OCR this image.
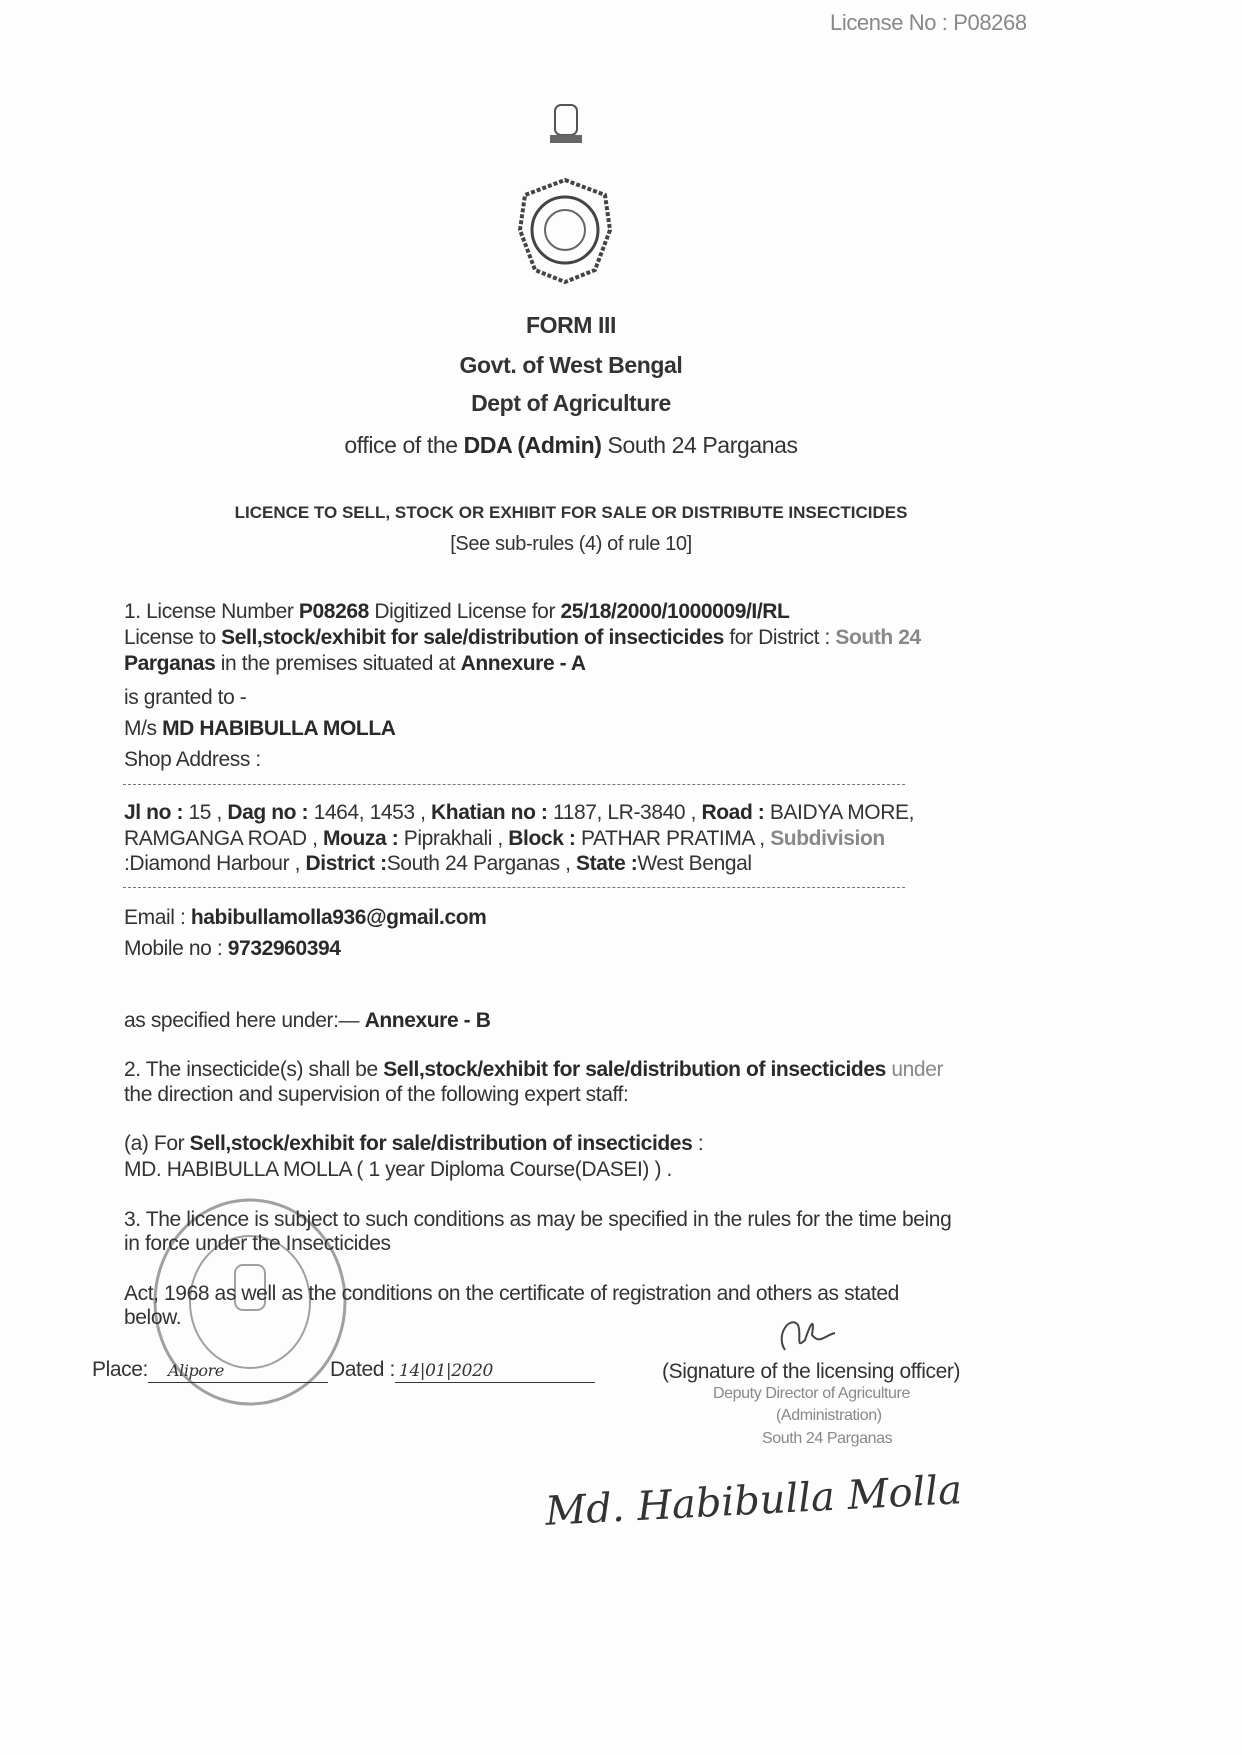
License No : P08268
FORM III
Govt. of West Bengal
Dept of Agriculture
office of the DDA (Admin) South 24 Parganas
LICENCE TO SELL, STOCK OR EXHIBIT FOR SALE OR DISTRIBUTE INSECTICIDES
[See sub-rules (4) of rule 10]
1. License Number P08268 Digitized License for 25/18/2000/1000009/I/RL
License to Sell,stock/exhibit for sale/distribution of insecticides for District : South 24
Parganas in the premises situated at Annexure - A
is granted to -
M/s MD HABIBULLA MOLLA
Shop Address :
Jl no : 15 , Dag no : 1464, 1453 , Khatian no : 1187, LR-3840 , Road : BAIDYA MORE,
RAMGANGA ROAD , Mouza : Piprakhali , Block : PATHAR PRATIMA , Subdivision
:Diamond Harbour , District :South 24 Parganas , State :West Bengal
Email : habibullamolla936@gmail.com
Mobile no : 9732960394
as specified here under:— Annexure - B
2. The insecticide(s) shall be Sell,stock/exhibit for sale/distribution of insecticides under
the direction and supervision of the following expert staff:
(a) For Sell,stock/exhibit for sale/distribution of insecticides :
MD. HABIBULLA MOLLA ( 1 year Diploma Course(DASEI) ) .
3. The licence is subject to such conditions as may be specified in the rules for the time being
in force under the Insecticides
Act, 1968 as well as the conditions on the certificate of registration and others as stated
below.
Place: Alipore	Dated : 14|01|2020	(Signature of the licensing officer)
Deputy Director of Agriculture
(Administration)
South 24 Parganas
Md. Habibulla Molla
